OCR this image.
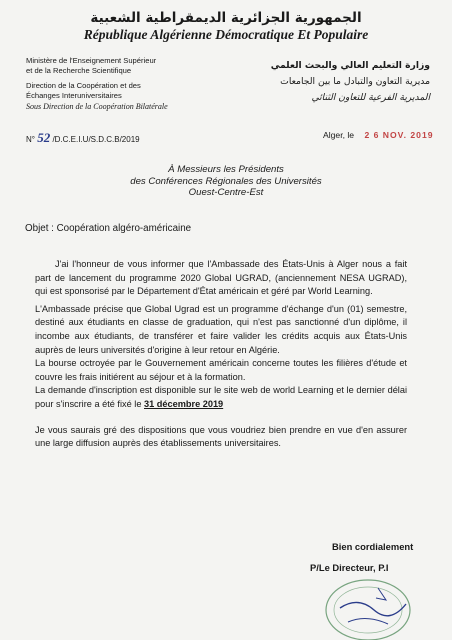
الجمهورية الجزائرية الديمقراطية الشعبية
République Algérienne Démocratique Et Populaire
Ministère de l'Enseignement Supérieur
et de la Recherche Scientifique
Direction de la Coopération et des
Échanges Interuniversitaires
Sous Direction de la Coopération Bilatérale
وزارة التعليم العالي والبحث العلمي
مديرية التعاون والتبادل ما بين الجامعات
المديرية الفرعية للتعاون الثنائي
N° 52 /D.C.E.I.U/S.D.C.B/2019	Alger, le 2 6 NOV. 2019
À Messieurs les Présidents
des Conférences Régionales des Universités
Ouest-Centre-Est
Objet : Coopération algéro-américaine

J'ai l'honneur de vous informer que l'Ambassade des États-Unis à Alger nous a fait part de lancement du programme 2020 Global UGRAD, (anciennement NESA UGRAD), qui est sponsorisé par le Département d'État américain et géré par World Learning.

L'Ambassade précise que Global Ugrad est un programme d'échange d'un (01) semestre, destiné aux étudiants en classe de graduation, qui n'est pas sanctionné d'un diplôme, il incombe aux étudiants, de transférer et faire valider les crédits acquis aux États-Unis auprès de leurs universités d'origine à leur retour en Algérie.

La bourse octroyée par le Gouvernement américain concerne toutes les filières d'étude et couvre les frais initiérent au séjour et à la formation.

La demande d'inscription est disponible sur le site web de world Learning et le dernier délai pour s'inscrire a été fixé le 31 décembre 2019

Je vous saurais gré des dispositions que vous voudriez bien prendre en vue d'en assurer une large diffusion auprès des établissements universitaires.

Bien cordialement
P/Le Directeur, P.I
